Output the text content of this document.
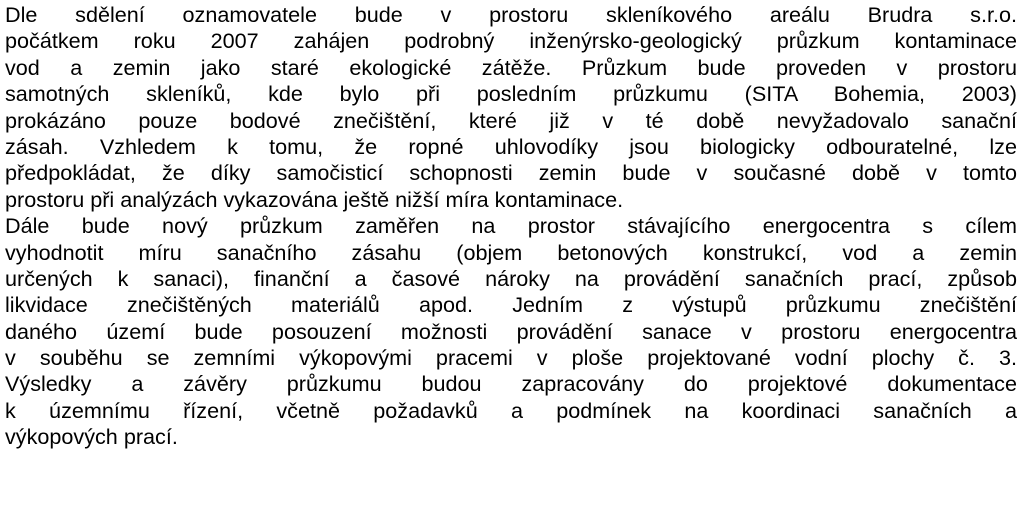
Dle sdělení oznamovatele bude v prostoru skleníkového areálu Brudra s.r.o.
počátkem roku 2007 zahájen podrobný inženýrsko-geologický průzkum kontaminace
vod a zemin jako staré ekologické zátěže. Průzkum bude proveden v prostoru
samotných skleníků, kde bylo při posledním průzkumu (SITA Bohemia, 2003)
prokázáno pouze bodové znečištění, které již v té době nevyžadovalo sanační
zásah. Vzhledem k tomu, že ropné uhlovodíky jsou biologicky odbouratelné, lze
předpokládat, že díky samočisticí schopnosti zemin bude v současné době v tomto
prostoru při analýzách vykazována ještě nižší míra kontaminace.
Dále bude nový průzkum zaměřen na prostor stávajícího energocentra s cílem
vyhodnotit míru sanačního zásahu (objem betonových konstrukcí, vod a zemin
určených k sanaci), finanční a časové nároky na provádění sanačních prací, způsob
likvidace znečištěných materiálů apod. Jedním z výstupů průzkumu znečištění
daného území bude posouzení možnosti provádění sanace v prostoru energocentra
v souběhu se zemními výkopovými pracemi v ploše projektované vodní plochy č. 3.
Výsledky a závěry průzkumu budou zapracovány do projektové dokumentace
k územnímu řízení, včetně požadavků a podmínek na koordinaci sanačních a
výkopových prací.
